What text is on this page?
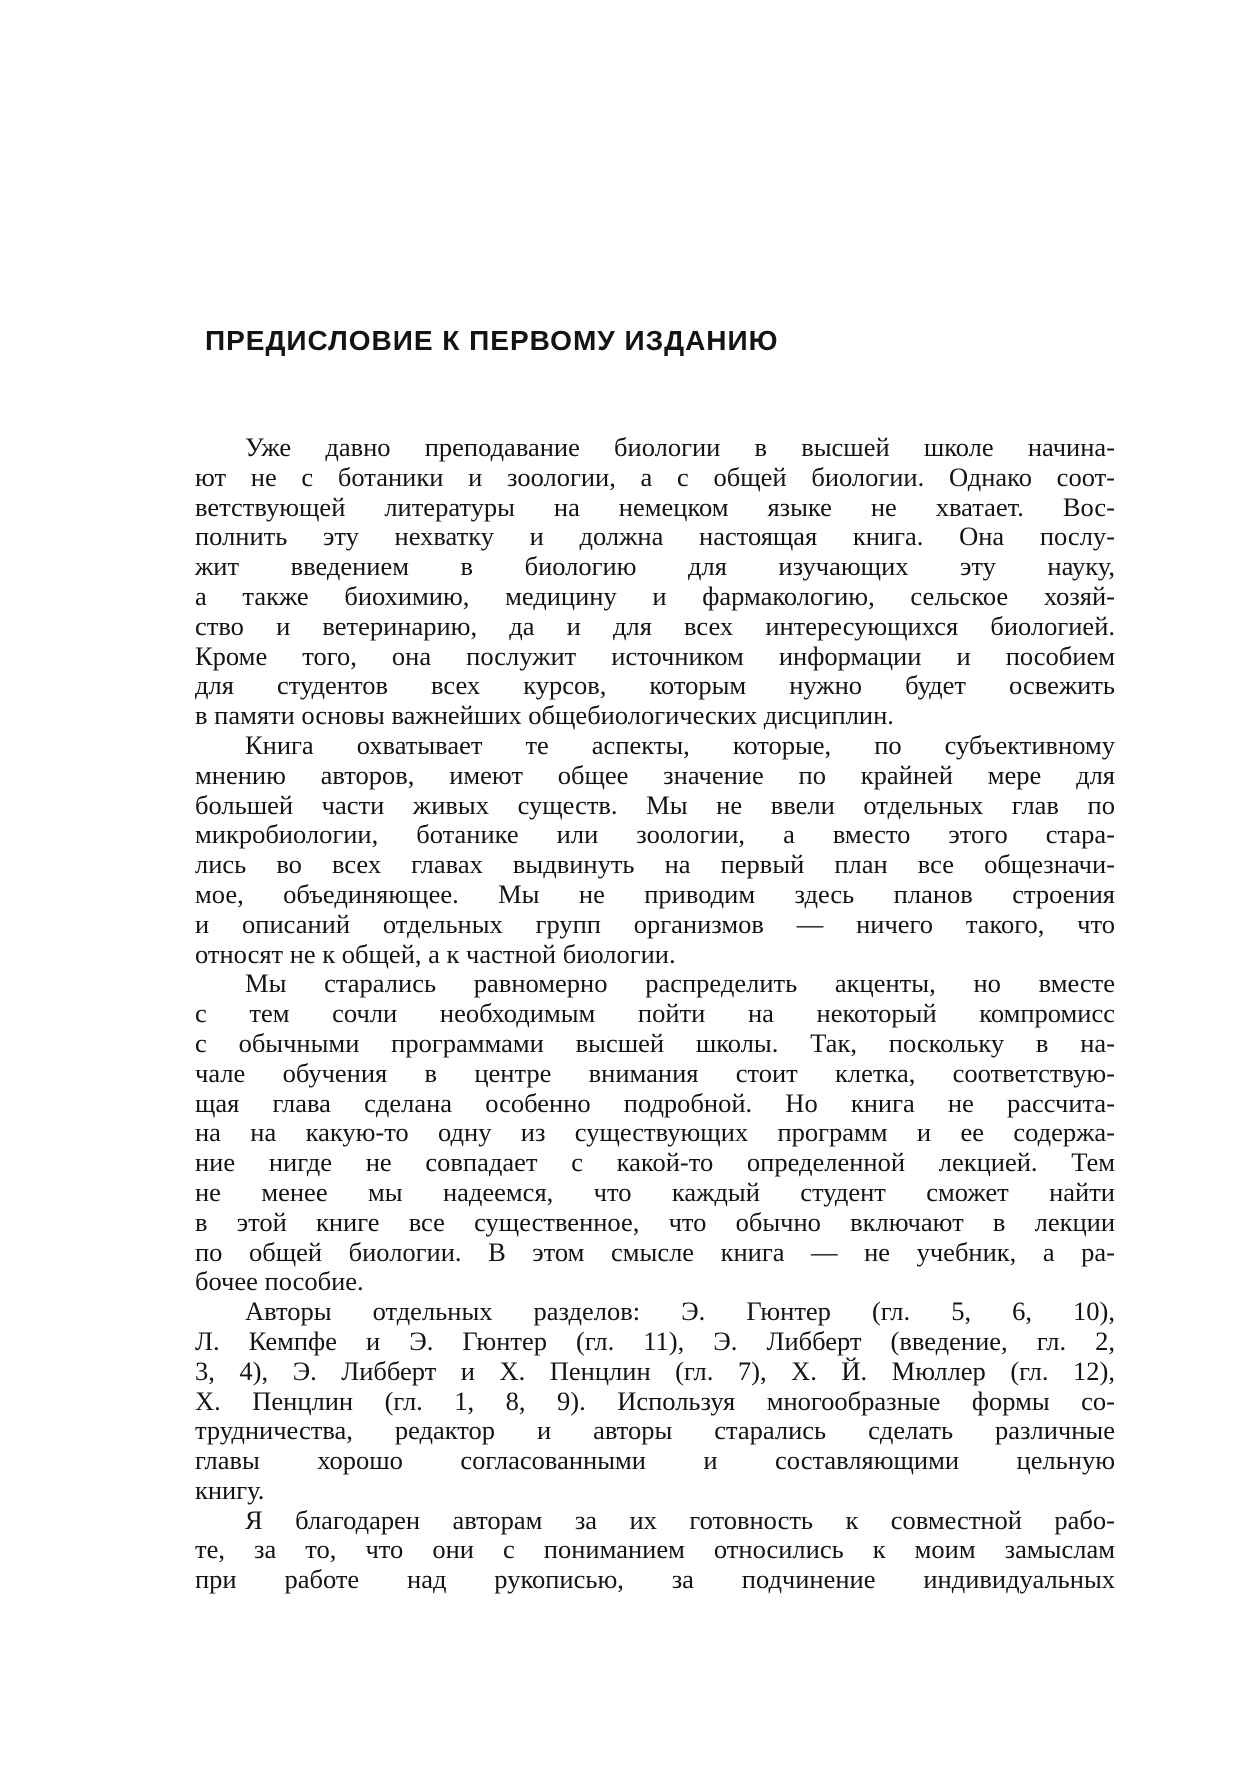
ПРЕДИСЛОВИЕ К ПЕРВОМУ ИЗДАНИЮ

Уже давно преподавание биологии в высшей школе начина-
ют не с ботаники и зоологии, а с общей биологии. Однако соот-
ветствующей литературы на немецком языке не хватает. Вос-
полнить эту нехватку и должна настоящая книга. Она послу-
жит введением в биологию для изучающих эту науку,
а также биохимию, медицину и фармакологию, сельское хозяй-
ство и ветеринарию, да и для всех интересующихся биологией.
Кроме того, она послужит источником информации и пособием
для студентов всех курсов, которым нужно будет освежить
в памяти основы важнейших общебиологических дисциплин.

Книга охватывает те аспекты, которые, по субъективному
мнению авторов, имеют общее значение по крайней мере для
большей части живых существ. Мы не ввели отдельных глав по
микробиологии, ботанике или зоологии, а вместо этого стара-
лись во всех главах выдвинуть на первый план все общезначи-
мое, объединяющее. Мы не приводим здесь планов строения
и описаний отдельных групп организмов — ничего такого, что
относят не к общей, а к частной биологии.

Мы старались равномерно распределить акценты, но вместе
с тем сочли необходимым пойти на некоторый компромисс
с обычными программами высшей школы. Так, поскольку в на-
чале обучения в центре внимания стоит клетка, соответствую-
щая глава сделана особенно подробной. Но книга не рассчита-
на на какую-то одну из существующих программ и ее содержа-
ние нигде не совпадает с какой-то определенной лекцией. Тем
не менее мы надеемся, что каждый студент сможет найти
в этой книге все существенное, что обычно включают в лекции
по общей биологии. В этом смысле книга — не учебник, а ра-
бочее пособие.

Авторы отдельных разделов: Э. Гюнтер (гл. 5, 6, 10),
Л. Кемпфе и Э. Гюнтер (гл. 11), Э. Либберт (введение, гл. 2,
3, 4), Э. Либберт и Х. Пенцлин (гл. 7), Х. Й. Мюллер (гл. 12),
Х. Пенцлин (гл. 1, 8, 9). Используя многообразные формы со-
трудничества, редактор и авторы старались сделать различные
главы хорошо согласованными и составляющими цельную
книгу.

Я благодарен авторам за их готовность к совместной рабо-
те, за то, что они с пониманием относились к моим замыслам
при работе над рукописью, за подчинение индивидуальных
